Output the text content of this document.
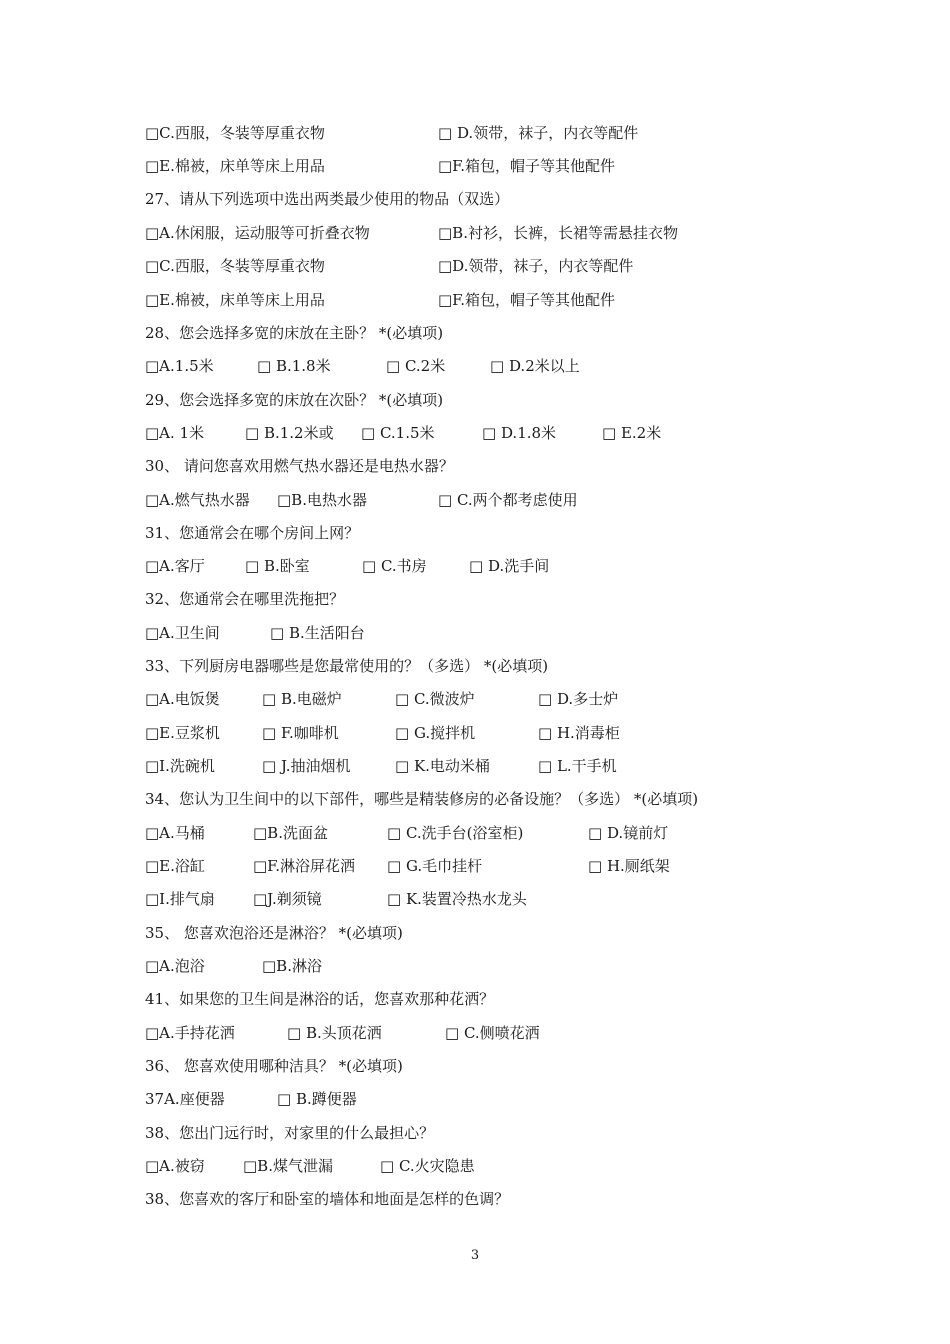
□C.西服，冬装等厚重衣物	□ D.领带，袜子，内衣等配件
□E.棉被，床单等床上用品	□F.箱包，帽子等其他配件
27、请从下列选项中选出两类最少使用的物品（双选）
□A.休闲服，运动服等可折叠衣物	□B.衬衫，长裤，长裙等需悬挂衣物
□C.西服，冬装等厚重衣物	□D.领带，袜子，内衣等配件
□E.棉被，床单等床上用品	□F.箱包，帽子等其他配件
28、您会选择多宽的床放在主卧？ *(必填项)
□A.1.5米	□ B.1.8米	□ C.2米	□ D.2米以上
29、您会选择多宽的床放在次卧？ *(必填项)
□A. 1米	□ B.1.2米或 □ C.1.5米	□ D.1.8米	□ E.2米
30、 请问您喜欢用燃气热水器还是电热水器？
□A.燃气热水器 □B.电热水器	□ C.两个都考虑使用
31、您通常会在哪个房间上网？
□A.客厅	□ B.卧室	□ C.书房	□ D.洗手间
32、您通常会在哪里洗拖把？
□A.卫生间	□ B.生活阳台
33、下列厨房电器哪些是您最常使用的？（多选） *(必填项)
□A.电饭煲	□ B.电磁炉	□ C.微波炉	□ D.多士炉
□E.豆浆机	□ F.咖啡机	□ G.搅拌机	□ H.消毒柜
□I.洗碗机	□ J.抽油烟机	□ K.电动米桶	□ L.干手机
34、您认为卫生间中的以下部件，哪些是精装修房的必备设施？（多选） *(必填项)
□A.马桶	□B.洗面盆	□ C.洗手台(浴室柜)	□ D.镜前灯
□E.浴缸	□F.淋浴屏花洒 □ G.毛巾挂杆	□ H.厕纸架
□I.排气扇	□J.剃须镜	□ K.装置冷热水龙头
35、 您喜欢泡浴还是淋浴？ *(必填项)
□A.泡浴	□B.淋浴
41、如果您的卫生间是淋浴的话，您喜欢那种花洒？
□A.手持花洒	□ B.头顶花洒	□ C.侧喷花洒
36、 您喜欢使用哪种洁具？ *(必填项)
37A.座便器	□ B.蹲便器
38、您出门远行时，对家里的什么最担心？
□A.被窃	□B.煤气泄漏	□ C.火灾隐患
38、您喜欢的客厅和卧室的墙体和地面是怎样的色调？
3
